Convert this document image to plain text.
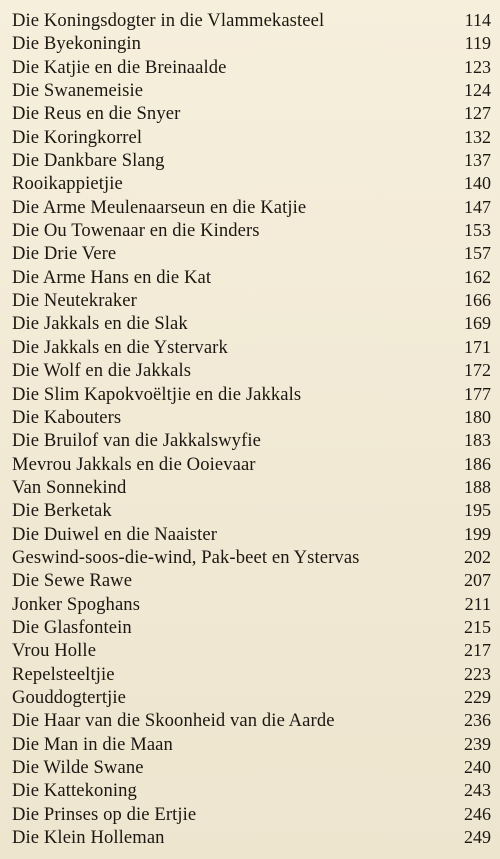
Die Koningsdogter in die Vlammekasteel	114
Die Byekoningin	119
Die Katjie en die Breinaalde	123
Die Swanemeisie	124
Die Reus en die Snyer	127
Die Koringkorrel	132
Die Dankbare Slang	137
Rooikappietjie	140
Die Arme Meulenaarseun en die Katjie	147
Die Ou Towenaar en die Kinders	153
Die Drie Vere	157
Die Arme Hans en die Kat	162
Die Neutekraker	166
Die Jakkals en die Slak	169
Die Jakkals en die Ystervark	171
Die Wolf en die Jakkals	172
Die Slim Kapokvoëltjie en die Jakkals	177
Die Kabouters	180
Die Bruilof van die Jakkalswyfie	183
Mevrou Jakkals en die Ooievaar	186
Van Sonnekind	188
Die Berketak	195
Die Duiwel en die Naaister	199
Geswind-soos-die-wind, Pak-beet en Ystervas	202
Die Sewe Rawe	207
Jonker Spoghans	211
Die Glasfontein	215
Vrou Holle	217
Repelsteeltjie	223
Gouddogtertjie	229
Die Haar van die Skoonheid van die Aarde	236
Die Man in die Maan	239
Die Wilde Swane	240
Die Kattekoning	243
Die Prinses op die Ertjie	246
Die Klein Holleman	249
